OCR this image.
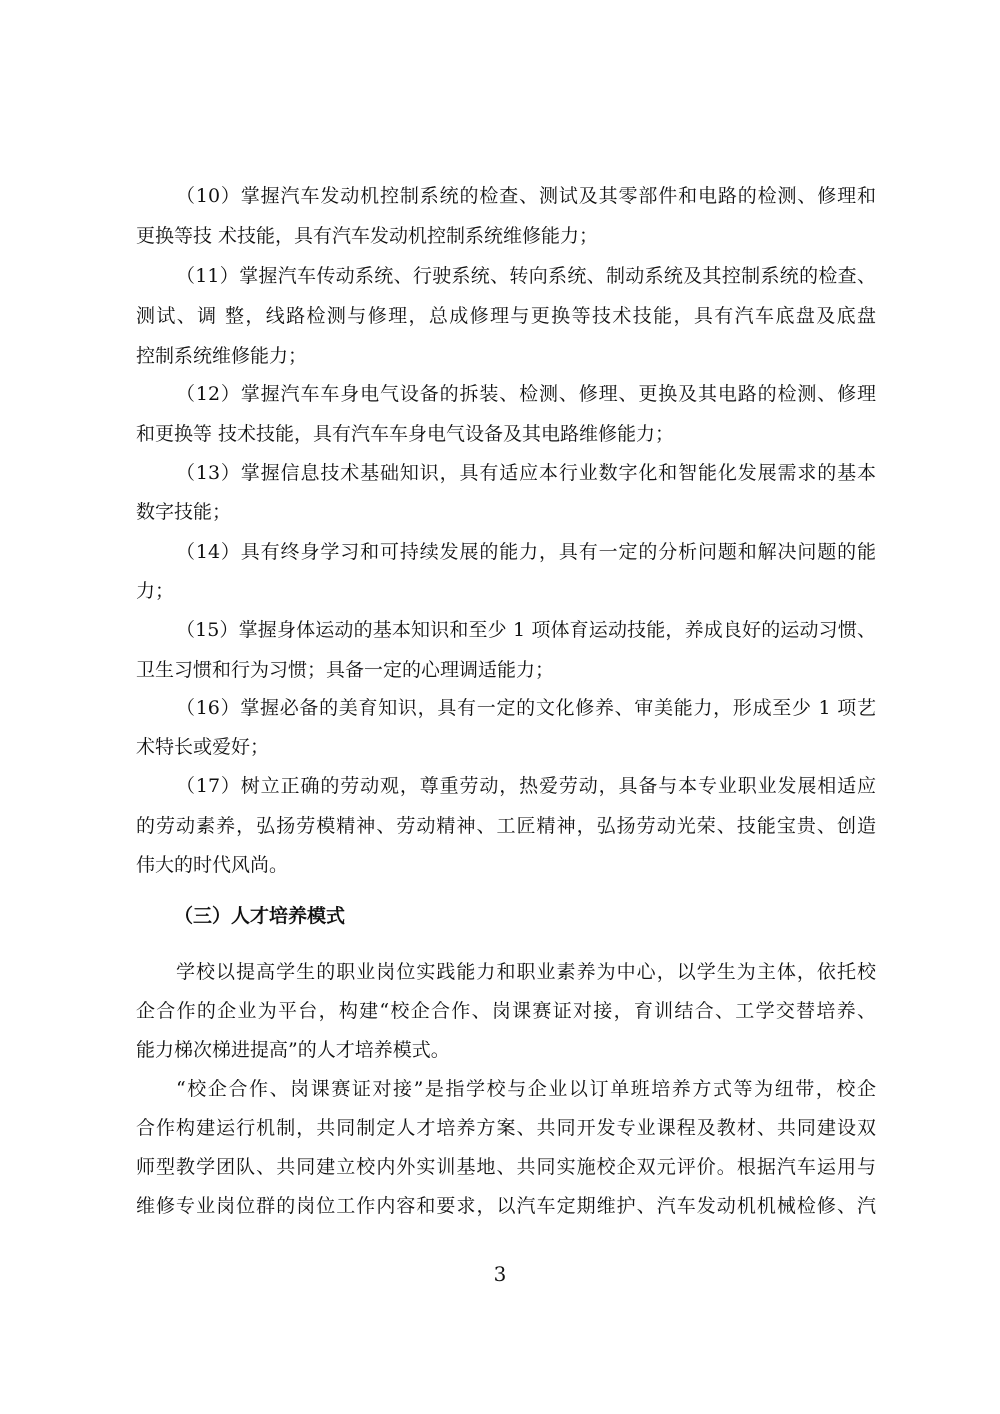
（10）掌握汽车发动机控制系统的检查、测试及其零部件和电路的检测、修理和
更换等技 术技能，具有汽车发动机控制系统维修能力；
（11）掌握汽车传动系统、行驶系统、转向系统、制动系统及其控制系统的检查、
测试、调 整，线路检测与修理，总成修理与更换等技术技能，具有汽车底盘及底盘
控制系统维修能力；
（12）掌握汽车车身电气设备的拆装、检测、修理、更换及其电路的检测、修理
和更换等 技术技能，具有汽车车身电气设备及其电路维修能力；
（13）掌握信息技术基础知识，具有适应本行业数字化和智能化发展需求的基本
数字技能；
（14）具有终身学习和可持续发展的能力，具有一定的分析问题和解决问题的能
力；
（15）掌握身体运动的基本知识和至少 1 项体育运动技能，养成良好的运动习惯、
卫生习惯和行为习惯；具备一定的心理调适能力；
（16）掌握必备的美育知识，具有一定的文化修养、审美能力，形成至少 1 项艺
术特长或爱好；
（17）树立正确的劳动观，尊重劳动，热爱劳动，具备与本专业职业发展相适应
的劳动素养，弘扬劳模精神、劳动精神、工匠精神，弘扬劳动光荣、技能宝贵、创造
伟大的时代风尚。
（三）人才培养模式
学校以提高学生的职业岗位实践能力和职业素养为中心，以学生为主体，依托校
企合作的企业为平台，构建“校企合作、岗课赛证对接，育训结合、工学交替培养、
能力梯次梯进提高”的人才培养模式。
“校企合作、岗课赛证对接”是指学校与企业以订单班培养方式等为纽带，校企
合作构建运行机制，共同制定人才培养方案、共同开发专业课程及教材、共同建设双
师型教学团队、共同建立校内外实训基地、共同实施校企双元评价。根据汽车运用与
维修专业岗位群的岗位工作内容和要求，以汽车定期维护、汽车发动机机械检修、汽
3
